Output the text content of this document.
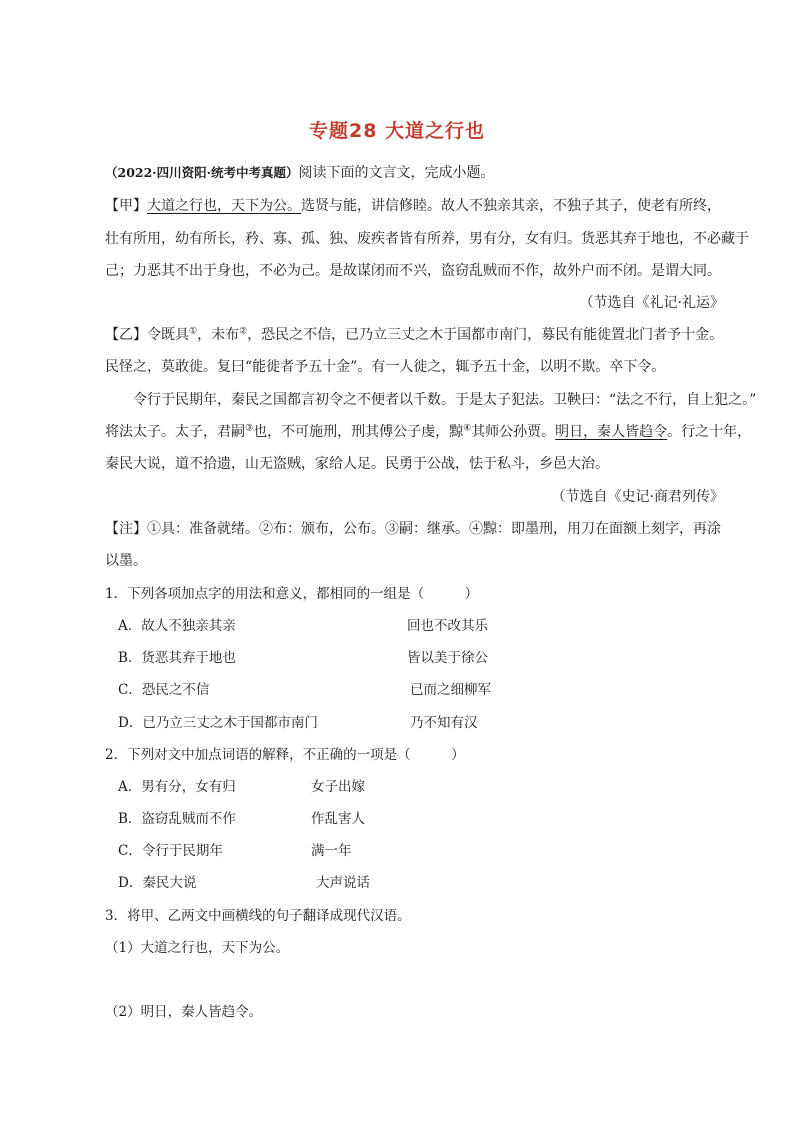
专题28 大道之行也
（2022·四川资阳·统考中考真题）阅读下面的文言文，完成小题。
【甲】大道之行也，天下为公。选贤与能，讲信修睦。故人不独亲其亲，不独子其子，使老有所终，
壮有所用，幼有所长，矜、寡、孤、独、废疾者皆有所养，男有分，女有归。货恶其弃于地也，不必藏于
己；力恶其不出于身也，不必为己。是故谋闭而不兴，盗窃乱贼而不作，故外户而不闭。是谓大同。
（节选自《礼记·礼运》
【乙】令既具①，未布②，恐民之不信，已乃立三丈之木于国都市南门，募民有能徙置北门者予十金。
民怪之，莫敢徙。复曰“能徙者予五十金”。有一人徙之，辄予五十金，以明不欺。卒下令。
令行于民期年，秦民之国都言初令之不便者以千数。于是太子犯法。卫鞅曰：“法之不行，自上犯之。”
将法太子。太子，君嗣③也，不可施刑，刑其傅公子虔，黥④其师公孙贾。明日，秦人皆趋令。行之十年，
秦民大说，道不拾遗，山无盗贼，家给人足。民勇于公战，怯于私斗，乡邑大治。
（节选自《史记·商君列传》
【注】①具：准备就绪。②布：颁布，公布。③嗣：继承。④黥：即墨刑，用刀在面额上刻字，再涂
以墨。
1．下列各项加点字的用法和意义，都相同的一组是（　　　）
A．故人不独亲其亲	回也不改其乐
B．货恶其弃于地也	皆以美于徐公
C．恐民之不信	已而之细柳军
D．已乃立三丈之木于国都市南门	乃不知有汉
2．下列对文中加点词语的解释，不正确的一项是（　　　）
A．男有分，女有归	女子出嫁
B．盗窃乱贼而不作	作乱害人
C．令行于民期年	满一年
D．秦民大说	大声说话
3．将甲、乙两文中画横线的句子翻译成现代汉语。
（1）大道之行也，天下为公。
（2）明日，秦人皆趋令。
